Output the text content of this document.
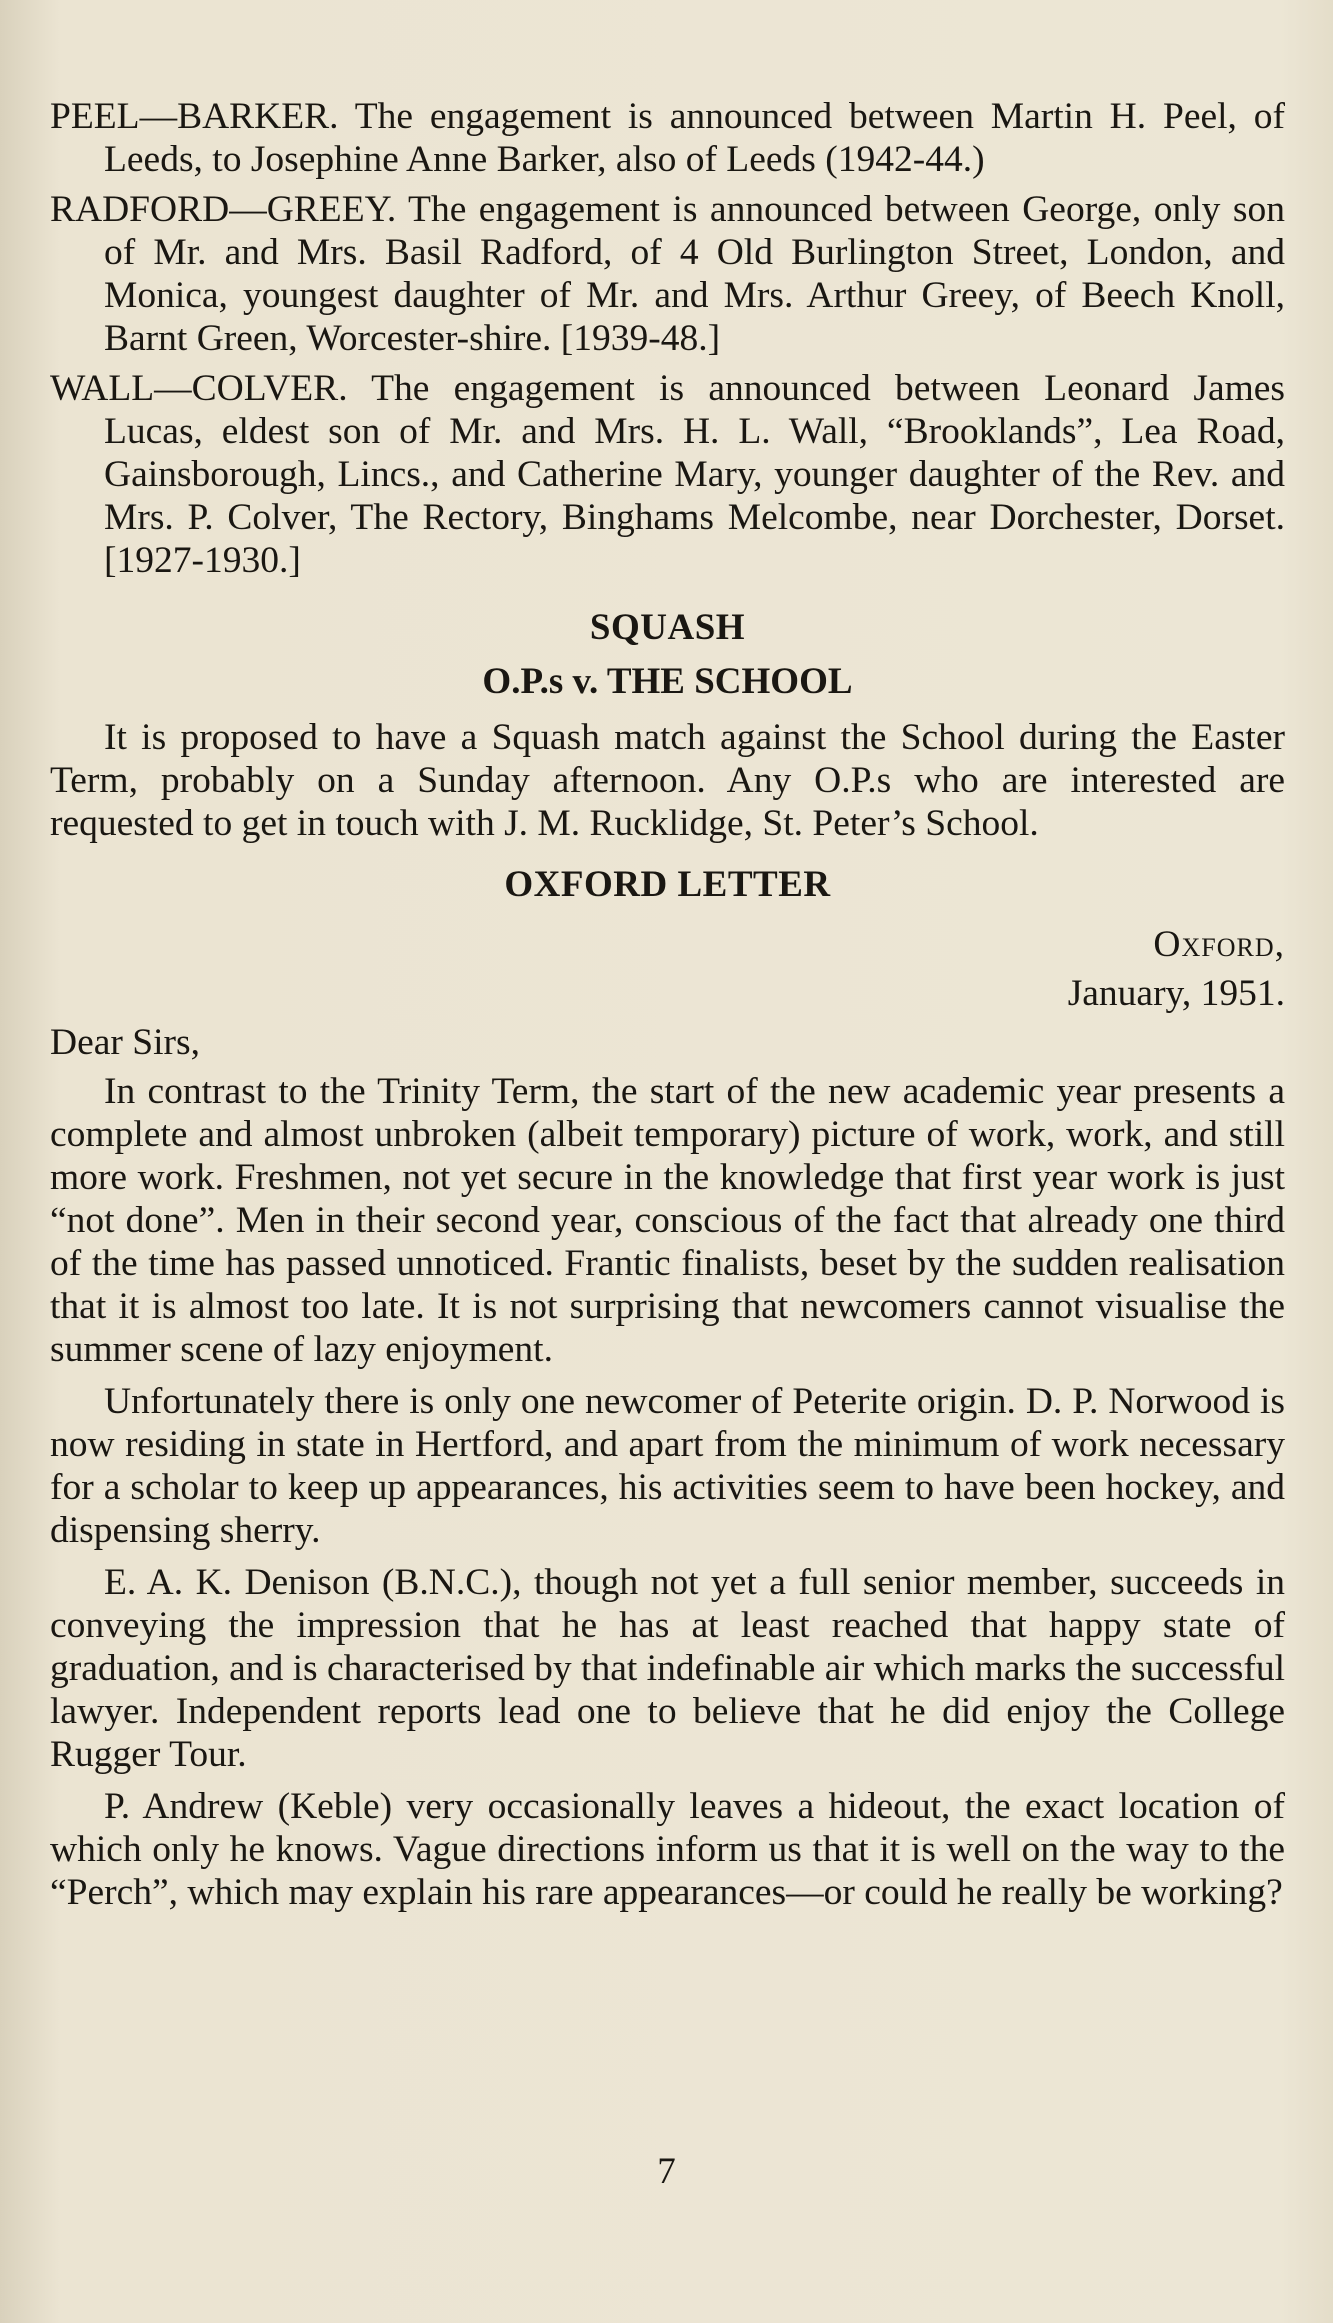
PEEL—BARKER. The engagement is announced between Martin H. Peel, of Leeds, to Josephine Anne Barker, also of Leeds (1942-44.)

RADFORD—GREEY. The engagement is announced between George, only son of Mr. and Mrs. Basil Radford, of 4 Old Burlington Street, London, and Monica, youngest daughter of Mr. and Mrs. Arthur Greey, of Beech Knoll, Barnt Green, Worcester-shire. [1939-48.]

WALL—COLVER. The engagement is announced between Leonard James Lucas, eldest son of Mr. and Mrs. H. L. Wall, “Brooklands”, Lea Road, Gainsborough, Lincs., and Catherine Mary, younger daughter of the Rev. and Mrs. P. Colver, The Rectory, Binghams Melcombe, near Dorchester, Dorset. [1927-1930.]

SQUASH
O.P.s v. THE SCHOOL

It is proposed to have a Squash match against the School during the Easter Term, probably on a Sunday afternoon. Any O.P.s who are interested are requested to get in touch with J. M. Rucklidge, St. Peter’s School.

OXFORD LETTER

Oxford,

January, 1951.

Dear Sirs,

In contrast to the Trinity Term, the start of the new academic year presents a complete and almost unbroken (albeit temporary) picture of work, work, and still more work. Freshmen, not yet secure in the knowledge that first year work is just “not done”. Men in their second year, conscious of the fact that already one third of the time has passed unnoticed. Frantic finalists, beset by the sudden realisation that it is almost too late. It is not surprising that newcomers cannot visualise the summer scene of lazy enjoyment.

Unfortunately there is only one newcomer of Peterite origin. D. P. Norwood is now residing in state in Hertford, and apart from the minimum of work necessary for a scholar to keep up appearances, his activities seem to have been hockey, and dispensing sherry.

E. A. K. Denison (B.N.C.), though not yet a full senior member, succeeds in conveying the impression that he has at least reached that happy state of graduation, and is characterised by that indefinable air which marks the successful lawyer. Independent reports lead one to believe that he did enjoy the College Rugger Tour.

P. Andrew (Keble) very occasionally leaves a hideout, the exact location of which only he knows. Vague directions inform us that it is well on the way to the “Perch”, which may explain his rare appearances—or could he really be working?

7
